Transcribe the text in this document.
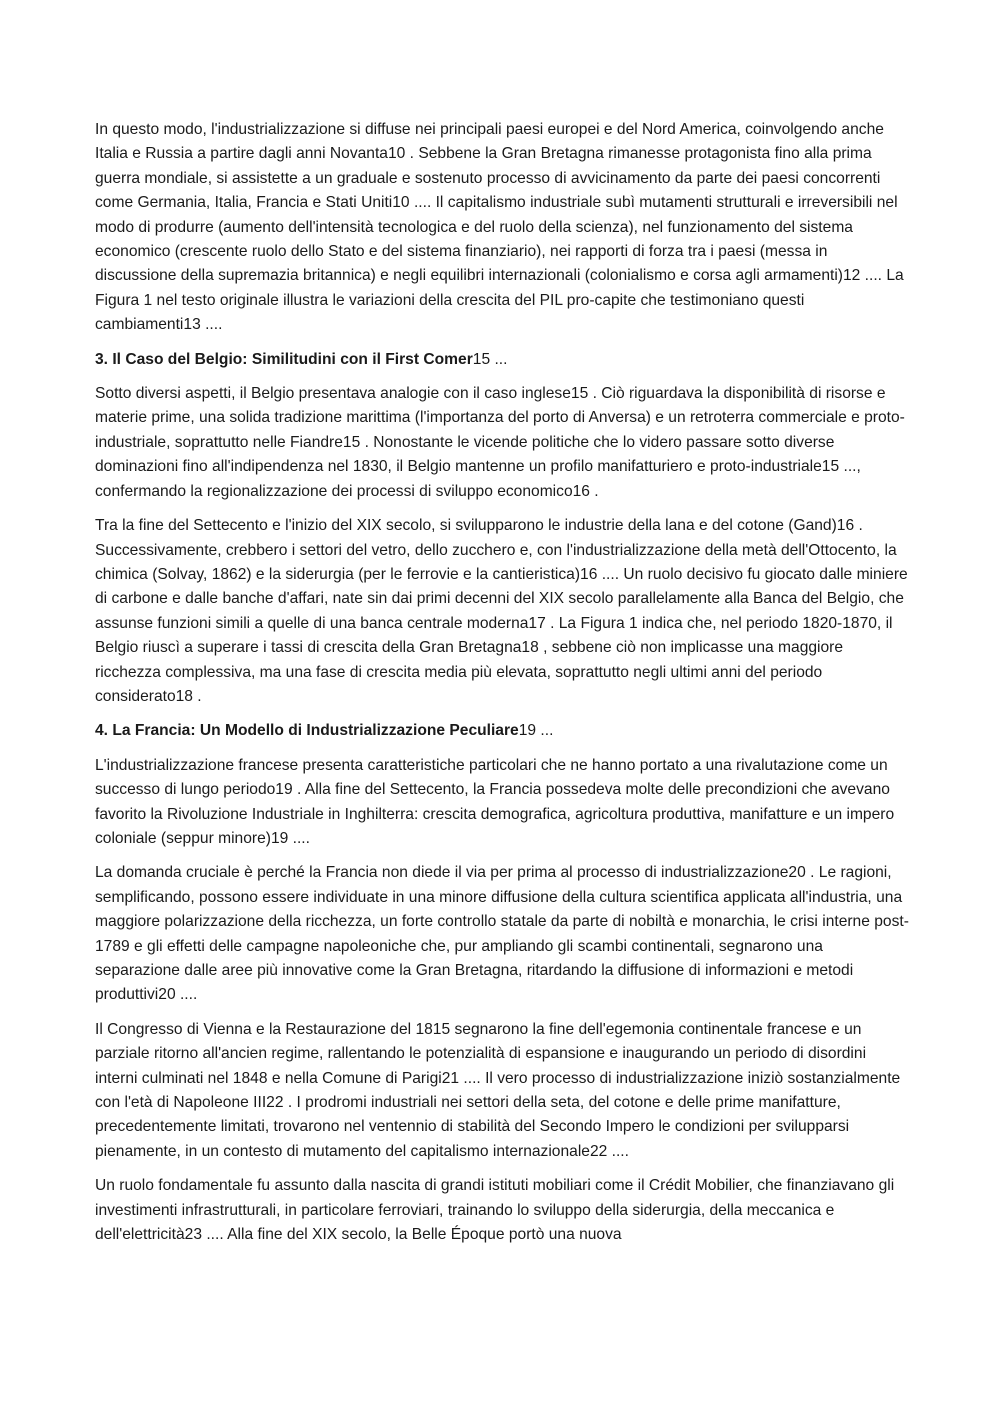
In questo modo, l'industrializzazione si diffuse nei principali paesi europei e del Nord America, coinvolgendo anche Italia e Russia a partire dagli anni Novanta10 . Sebbene la Gran Bretagna rimanesse protagonista fino alla prima guerra mondiale, si assistette a un graduale e sostenuto processo di avvicinamento da parte dei paesi concorrenti come Germania, Italia, Francia e Stati Uniti10 .... Il capitalismo industriale subì mutamenti strutturali e irreversibili nel modo di produrre (aumento dell'intensità tecnologica e del ruolo della scienza), nel funzionamento del sistema economico (crescente ruolo dello Stato e del sistema finanziario), nei rapporti di forza tra i paesi (messa in discussione della supremazia britannica) e negli equilibri internazionali (colonialismo e corsa agli armamenti)12 .... La Figura 1 nel testo originale illustra le variazioni della crescita del PIL pro-capite che testimoniano questi cambiamenti13 ....

3. Il Caso del Belgio: Similitudini con il First Comer15 ...

Sotto diversi aspetti, il Belgio presentava analogie con il caso inglese15 . Ciò riguardava la disponibilità di risorse e materie prime, una solida tradizione marittima (l'importanza del porto di Anversa) e un retroterra commerciale e proto-industriale, soprattutto nelle Fiandre15 . Nonostante le vicende politiche che lo videro passare sotto diverse dominazioni fino all'indipendenza nel 1830, il Belgio mantenne un profilo manifatturiero e proto-industriale15 ..., confermando la regionalizzazione dei processi di sviluppo economico16 .

Tra la fine del Settecento e l'inizio del XIX secolo, si svilupparono le industrie della lana e del cotone (Gand)16 . Successivamente, crebbero i settori del vetro, dello zucchero e, con l'industrializzazione della metà dell'Ottocento, la chimica (Solvay, 1862) e la siderurgia (per le ferrovie e la cantieristica)16 .... Un ruolo decisivo fu giocato dalle miniere di carbone e dalle banche d'affari, nate sin dai primi decenni del XIX secolo parallelamente alla Banca del Belgio, che assunse funzioni simili a quelle di una banca centrale moderna17 . La Figura 1 indica che, nel periodo 1820-1870, il Belgio riuscì a superare i tassi di crescita della Gran Bretagna18 , sebbene ciò non implicasse una maggiore ricchezza complessiva, ma una fase di crescita media più elevata, soprattutto negli ultimi anni del periodo considerato18 .

4. La Francia: Un Modello di Industrializzazione Peculiare19 ...

L'industrializzazione francese presenta caratteristiche particolari che ne hanno portato a una rivalutazione come un successo di lungo periodo19 . Alla fine del Settecento, la Francia possedeva molte delle precondizioni che avevano favorito la Rivoluzione Industriale in Inghilterra: crescita demografica, agricoltura produttiva, manifatture e un impero coloniale (seppur minore)19 ....

La domanda cruciale è perché la Francia non diede il via per prima al processo di industrializzazione20 . Le ragioni, semplificando, possono essere individuate in una minore diffusione della cultura scientifica applicata all'industria, una maggiore polarizzazione della ricchezza, un forte controllo statale da parte di nobiltà e monarchia, le crisi interne post-1789 e gli effetti delle campagne napoleoniche che, pur ampliando gli scambi continentali, segnarono una separazione dalle aree più innovative come la Gran Bretagna, ritardando la diffusione di informazioni e metodi produttivi20 ....

Il Congresso di Vienna e la Restaurazione del 1815 segnarono la fine dell'egemonia continentale francese e un parziale ritorno all'ancien regime, rallentando le potenzialità di espansione e inaugurando un periodo di disordini interni culminati nel 1848 e nella Comune di Parigi21 .... Il vero processo di industrializzazione iniziò sostanzialmente con l'età di Napoleone III22 . I prodromi industriali nei settori della seta, del cotone e delle prime manifatture, precedentemente limitati, trovarono nel ventennio di stabilità del Secondo Impero le condizioni per svilupparsi pienamente, in un contesto di mutamento del capitalismo internazionale22 ....

Un ruolo fondamentale fu assunto dalla nascita di grandi istituti mobiliari come il Crédit Mobilier, che finanziavano gli investimenti infrastrutturali, in particolare ferroviari, trainando lo sviluppo della siderurgia, della meccanica e dell'elettricità23 .... Alla fine del XIX secolo, la Belle Époque portò una nuova
